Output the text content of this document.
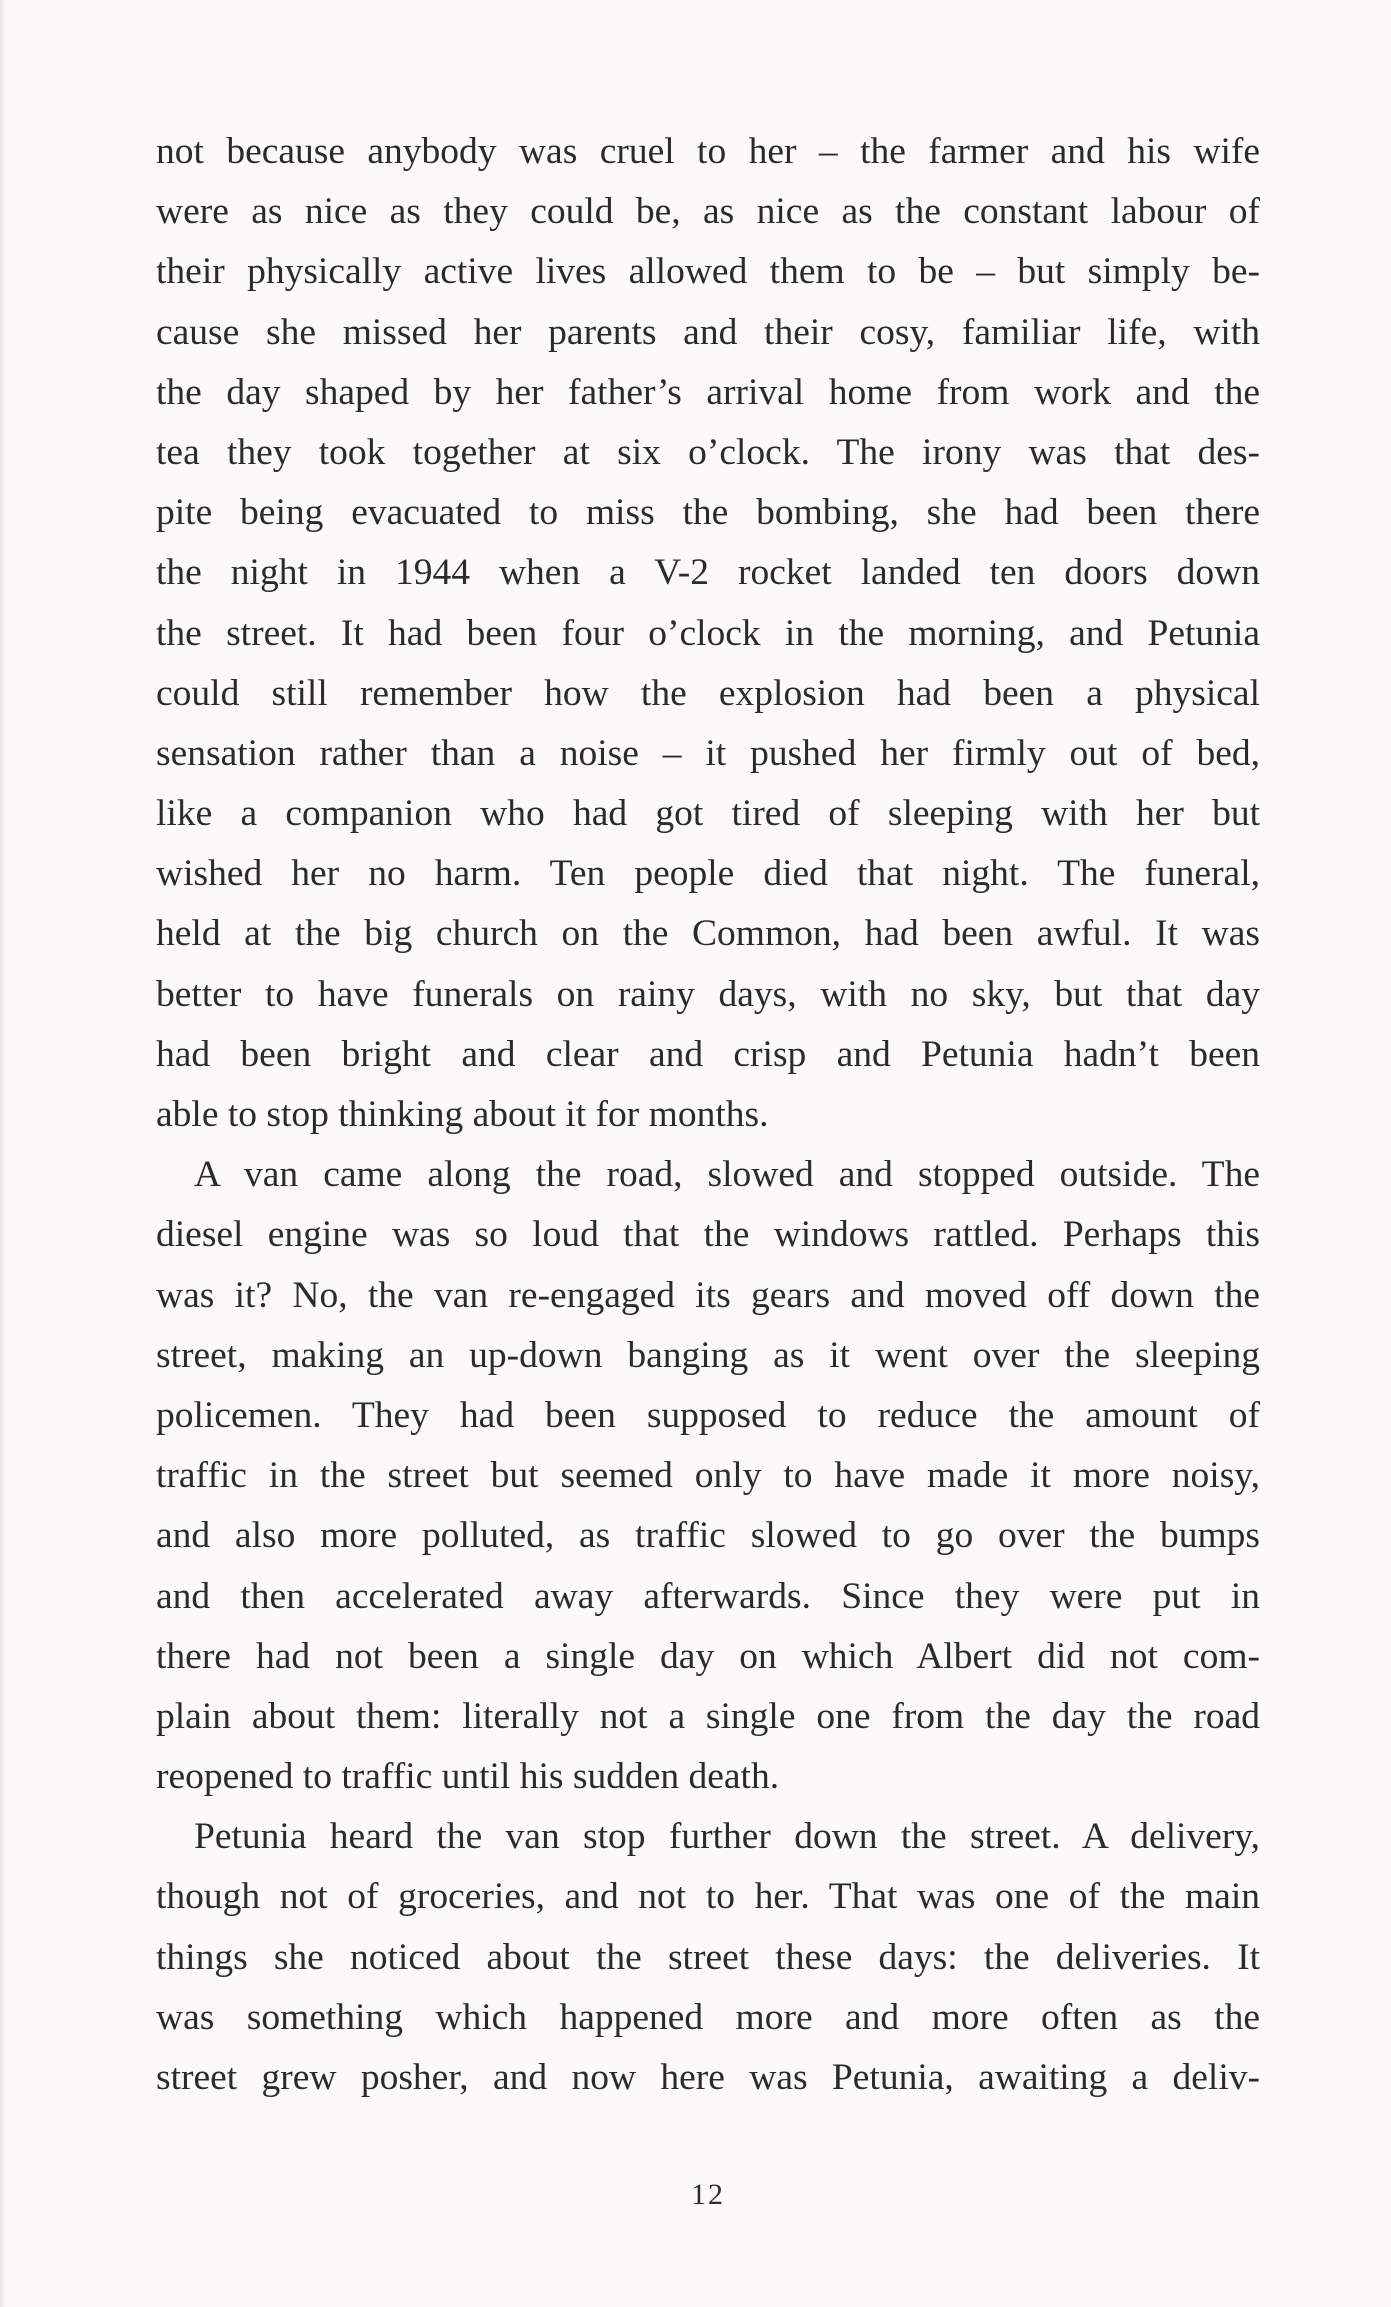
not because anybody was cruel to her – the farmer and his wife
were as nice as they could be, as nice as the constant labour of
their physically active lives allowed them to be – but simply be-
cause she missed her parents and their cosy, familiar life, with
the day shaped by her father’s arrival home from work and the
tea they took together at six o’clock. The irony was that des-
pite being evacuated to miss the bombing, she had been there
the night in 1944 when a V-2 rocket landed ten doors down
the street. It had been four o’clock in the morning, and Petunia
could still remember how the explosion had been a physical
sensation rather than a noise – it pushed her firmly out of bed,
like a companion who had got tired of sleeping with her but
wished her no harm. Ten people died that night. The funeral,
held at the big church on the Common, had been awful. It was
better to have funerals on rainy days, with no sky, but that day
had been bright and clear and crisp and Petunia hadn’t been
able to stop thinking about it for months.
A van came along the road, slowed and stopped outside. The
diesel engine was so loud that the windows rattled. Perhaps this
was it? No, the van re-engaged its gears and moved off down the
street, making an up-down banging as it went over the sleeping
policemen. They had been supposed to reduce the amount of
traffic in the street but seemed only to have made it more noisy,
and also more polluted, as traffic slowed to go over the bumps
and then accelerated away afterwards. Since they were put in
there had not been a single day on which Albert did not com-
plain about them: literally not a single one from the day the road
reopened to traffic until his sudden death.
Petunia heard the van stop further down the street. A delivery,
though not of groceries, and not to her. That was one of the main
things she noticed about the street these days: the deliveries. It
was something which happened more and more often as the
street grew posher, and now here was Petunia, awaiting a deliv-
12
